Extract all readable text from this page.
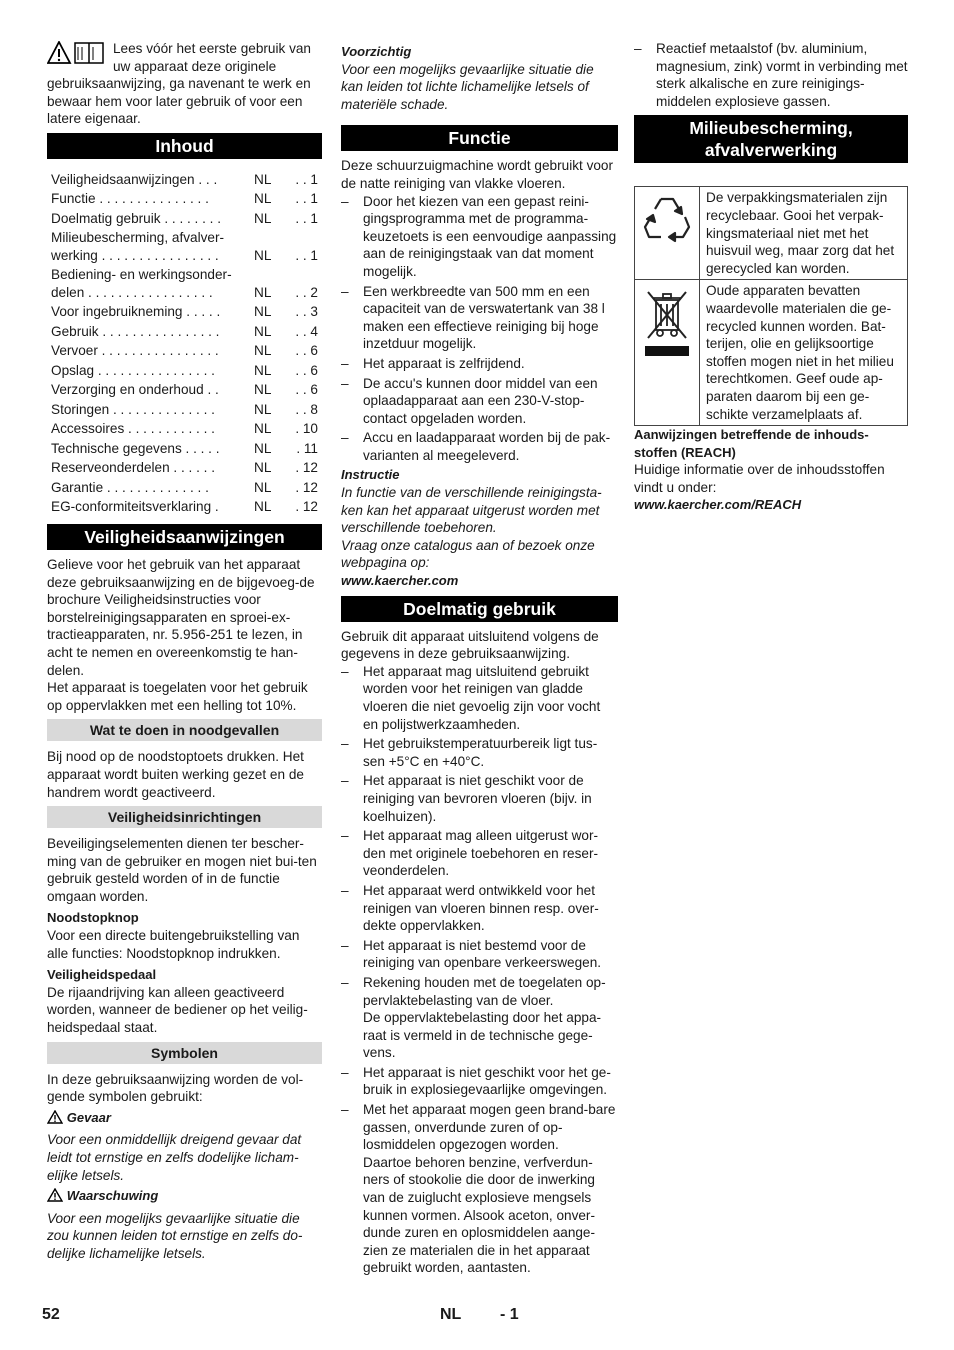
Lees vóór het eerste gebruik van uw apparaat deze originele gebruiksaanwijzing, ga navenant te werk en bewaar hem voor later gebruik of voor een latere eigenaar.

Inhoud
Veiligheidsaanwijzingen . . .	NL	. . 1
Functie . . . . . . . . . . . . . . .	NL	. . 1
Doelmatig gebruik . . . . . . . .	NL	. . 1
Milieubescherming, afvalver-werking . . . . . . . . . . . . . . . .	NL	. . 1
Bediening- en werkingsonder-delen . . . . . . . . . . . . . . . . .	NL	. . 2
Voor ingebruikneming . . . . .	NL	. . 3
Gebruik . . . . . . . . . . . . . . . .	NL	. . 4
Vervoer . . . . . . . . . . . . . . . .	NL	. . 6
Opslag . . . . . . . . . . . . . . . .	NL	. . 6
Verzorging en onderhoud . .	NL	. . 6
Storingen . . . . . . . . . . . . . .	NL	. . 8
Accessoires . . . . . . . . . . . .	NL	. 10
Technische gegevens . . . . .	NL	. 11
Reserveonderdelen . . . . . .	NL	. 12
Garantie . . . . . . . . . . . . . .	NL	. 12
EG-conformiteitsverklaring .	NL	. 12
Veiligheidsaanwijzingen

Gelieve voor het gebruik van het apparaat deze gebruiksaanwijzing en de bijgevoeg-de brochure Veiligheidsinstructies voor borstelreinigingsapparaten en sproei-ex-tractieapparaten, nr. 5.956-251 te lezen, in acht te nemen en overeenkomstig te han-delen.

Het apparaat is toegelaten voor het gebruik op oppervlakken met een helling tot 10%.

Wat te doen in noodgevallen

Bij nood op de noodstoptoets drukken. Het apparaat wordt buiten werking gezet en de handrem wordt geactiveerd.

Veiligheidsinrichtingen

Beveiligingselementen dienen ter bescher-ming van de gebruiker en mogen niet bui-ten gebruik gesteld worden of in de functie omgaan worden.

Noodstopknop

Voor een directe buitengebruikstelling van alle functies: Noodstopknop indrukken.

Veiligheidspedaal

De rijaandrijving kan alleen geactiveerd worden, wanneer de bediener op het veilig-heidspedaal staat.

Symbolen

In deze gebruiksaanwijzing worden de vol-gende symbolen gebruikt:

Gevaar

Voor een onmiddellijk dreigend gevaar dat leidt tot ernstige en zelfs dodelijke licham-elijke letsels.

Waarschuwing

Voor een mogelijks gevaarlijke situatie die zou kunnen leiden tot ernstige en zelfs do-delijke lichamelijke letsels.

Voorzichtig

Voor een mogelijks gevaarlijke situatie die kan leiden tot lichte lichamelijke letsels of materiële schade.

Functie

Deze schuurzuigmachine wordt gebruikt voor de natte reiniging van vlakke vloeren.

– Door het kiezen van een gepast reini-gingsprogramma met de programma-keuzetoets is een eenvoudige aanpassing aan de reinigingstaak van dat moment mogelijk.
– Een werkbreedte van 500 mm en een capaciteit van de verswatertank van 38 l maken een effectieve reiniging bij hoge inzetduur mogelijk.
– Het apparaat is zelfrijdend.
– De accu's kunnen door middel van een oplaadapparaat aan een 230-V-stop-contact opgeladen worden.
– Accu en laadapparaat worden bij de pak-varianten al meegeleverd.

Instructie

In functie van de verschillende reinigingsta-ken kan het apparaat uitgerust worden met verschillende toebehoren.

Vraag onze catalogus aan of bezoek onze webpagina op:

www.kaercher.com

Doelmatig gebruik

Gebruik dit apparaat uitsluitend volgens de gegevens in deze gebruiksaanwijzing.

– Het apparaat mag uitsluitend gebruikt worden voor het reinigen van gladde vloeren die niet gevoelig zijn voor vocht en polijstwerkzaamheden.
– Het gebruikstemperatuurbereik ligt tus-sen +5°C en +40°C.
– Het apparaat is niet geschikt voor de reiniging van bevroren vloeren (bijv. in koelhuizen).
– Het apparaat mag alleen uitgerust wor-den met originele toebehoren en reser-veonderdelen.
– Het apparaat werd ontwikkeld voor het reinigen van vloeren binnen resp. over-dekte oppervlakken.
– Het apparaat is niet bestemd voor de reiniging van openbare verkeerswegen.
– Rekening houden met de toegelaten op-pervlaktebelasting van de vloer.
De oppervlaktebelasting door het appa-raat is vermeld in de technische gege-vens.
– Het apparaat is niet geschikt voor het ge-bruik in explosiegevaarlijke omgevingen.
– Met het apparaat mogen geen brand-bare gassen, onverdunde zuren of op-losmiddelen opgezogen worden.
Daartoe behoren benzine, verfverdun-ners of stookolie die door de inwerking van de zuiglucht explosieve mengsels kunnen vormen. Alsook aceton, onver-dunde zuren en oplosmiddelen aange-zien ze materialen die in het apparaat gebruikt worden, aantasten.
– Reactief metaalstof (bv. aluminium, magnesium, zink) vormt in verbinding met sterk alkalische en zure reinigings-middelen explosieve gassen.
Milieubescherming, afvalverwerking
	De verpakkingsmaterialen zijn recyclebaar. Gooi het verpak-kingsmateriaal niet met het huisvuil weg, maar zorg dat het gerecycled kan worden.
	Oude apparaten bevatten waardevolle materialen die ge-recycled kunnen worden. Bat-terijen, olie en gelijksoortige stoffen mogen niet in het milieu terechtkomen. Geef oude ap-paraten daarom bij een ge-schikte verzamelplaats af.

Aanwijzingen betreffende de inhouds-stoffen (REACH)

Huidige informatie over de inhoudsstoffen vindt u onder:

www.kaercher.com/REACH

52	NL - 1
